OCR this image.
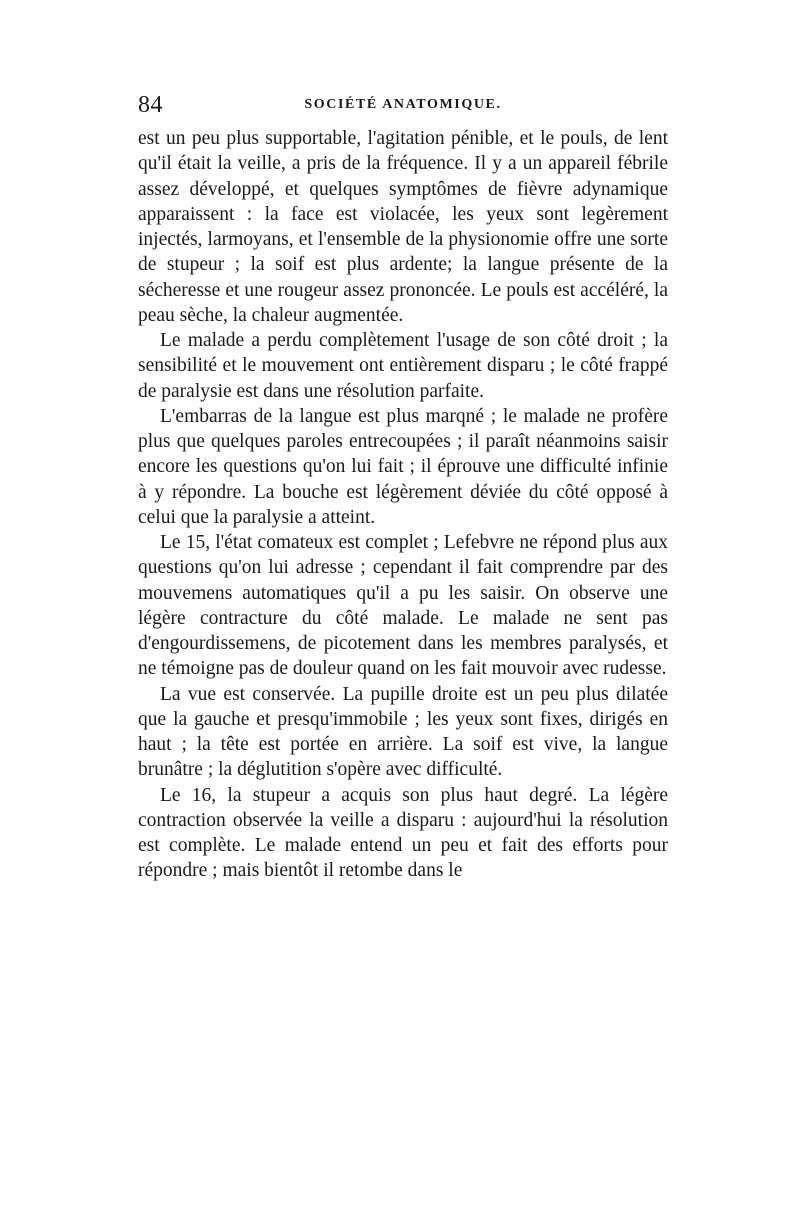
84	SOCIÉTÉ ANATOMIQUE.

est un peu plus supportable, l'agitation pénible, et le pouls, de lent qu'il était la veille, a pris de la fréquence. Il y a un appareil fébrile assez développé, et quelques symptômes de fièvre adynamique apparaissent : la face est violacée, les yeux sont legèrement injectés, larmoyans, et l'ensemble de la physionomie offre une sorte de stupeur ; la soif est plus ardente; la langue présente de la sécheresse et une rougeur assez prononcée. Le pouls est accéléré, la peau sèche, la chaleur augmentée.

Le malade a perdu complètement l'usage de son côté droit ; la sensibilité et le mouvement ont entièrement disparu ; le côté frappé de paralysie est dans une résolution parfaite.

L'embarras de la langue est plus marqné ; le malade ne profère plus que quelques paroles entrecoupées ; il paraît néanmoins saisir encore les questions qu'on lui fait ; il éprouve une difficulté infinie à y répondre. La bouche est légèrement déviée du côté opposé à celui que la paralysie a atteint.

Le 15, l'état comateux est complet ; Lefebvre ne répond plus aux questions qu'on lui adresse ; cependant il fait comprendre par des mouvemens automatiques qu'il a pu les saisir. On observe une légère contracture du côté malade. Le malade ne sent pas d'engourdissemens, de picotement dans les membres paralysés, et ne témoigne pas de douleur quand on les fait mouvoir avec rudesse.

La vue est conservée. La pupille droite est un peu plus dilatée que la gauche et presqu'immobile ; les yeux sont fixes, dirigés en haut ; la tête est portée en arrière. La soif est vive, la langue brunâtre ; la déglutition s'opère avec difficulté.

Le 16, la stupeur a acquis son plus haut degré. La légère contraction observée la veille a disparu : aujourd'hui la résolution est complète. Le malade entend un peu et fait des efforts pour répondre ; mais bientôt il retombe dans le
